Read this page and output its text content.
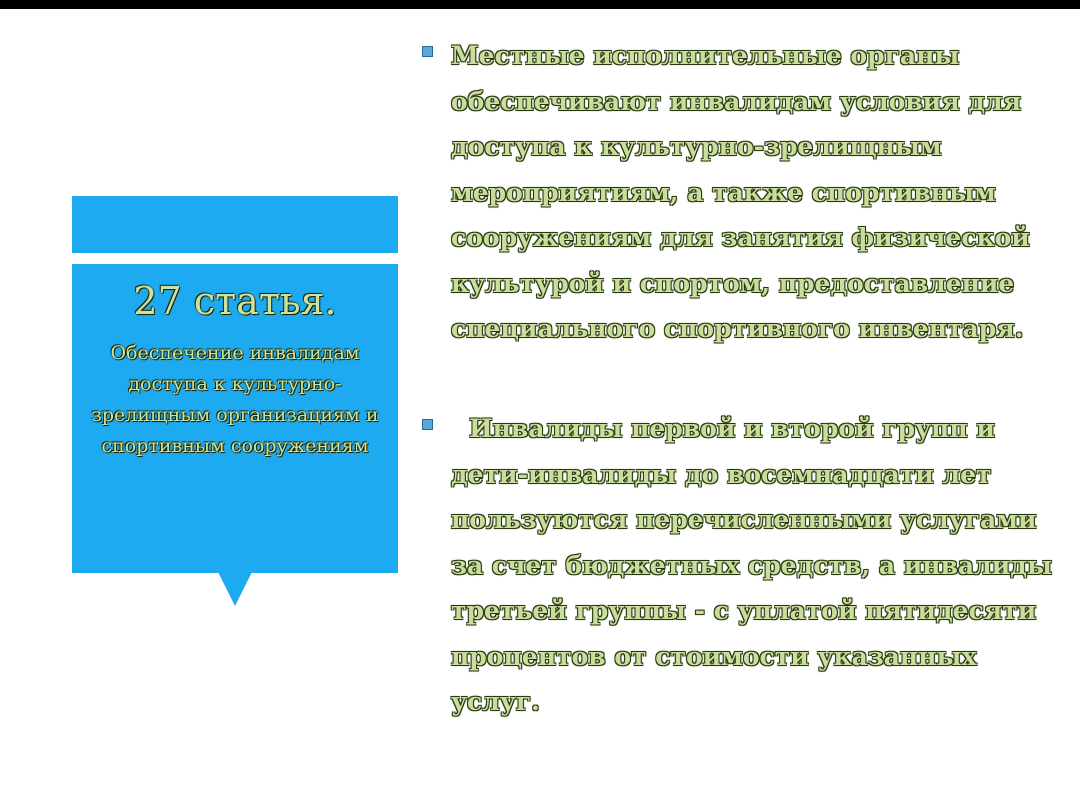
27 статья.
Обеспечение инвалидам доступа к культурно-зрелищным организациям и спортивным сооружениям
Местные исполнительные органы обеспечивают инвалидам условия для доступа к культурно-зрелищным мероприятиям, а также спортивным сооружениям для занятия физической культурой и спортом, предоставление специального спортивного инвентаря.
Инвалиды первой и второй групп и дети-инвалиды до восемнадцати лет пользуются перечисленными услугами за счет бюджетных средств, а инвалиды третьей группы - с уплатой пятидесяти процентов от стоимости указанных услуг.
